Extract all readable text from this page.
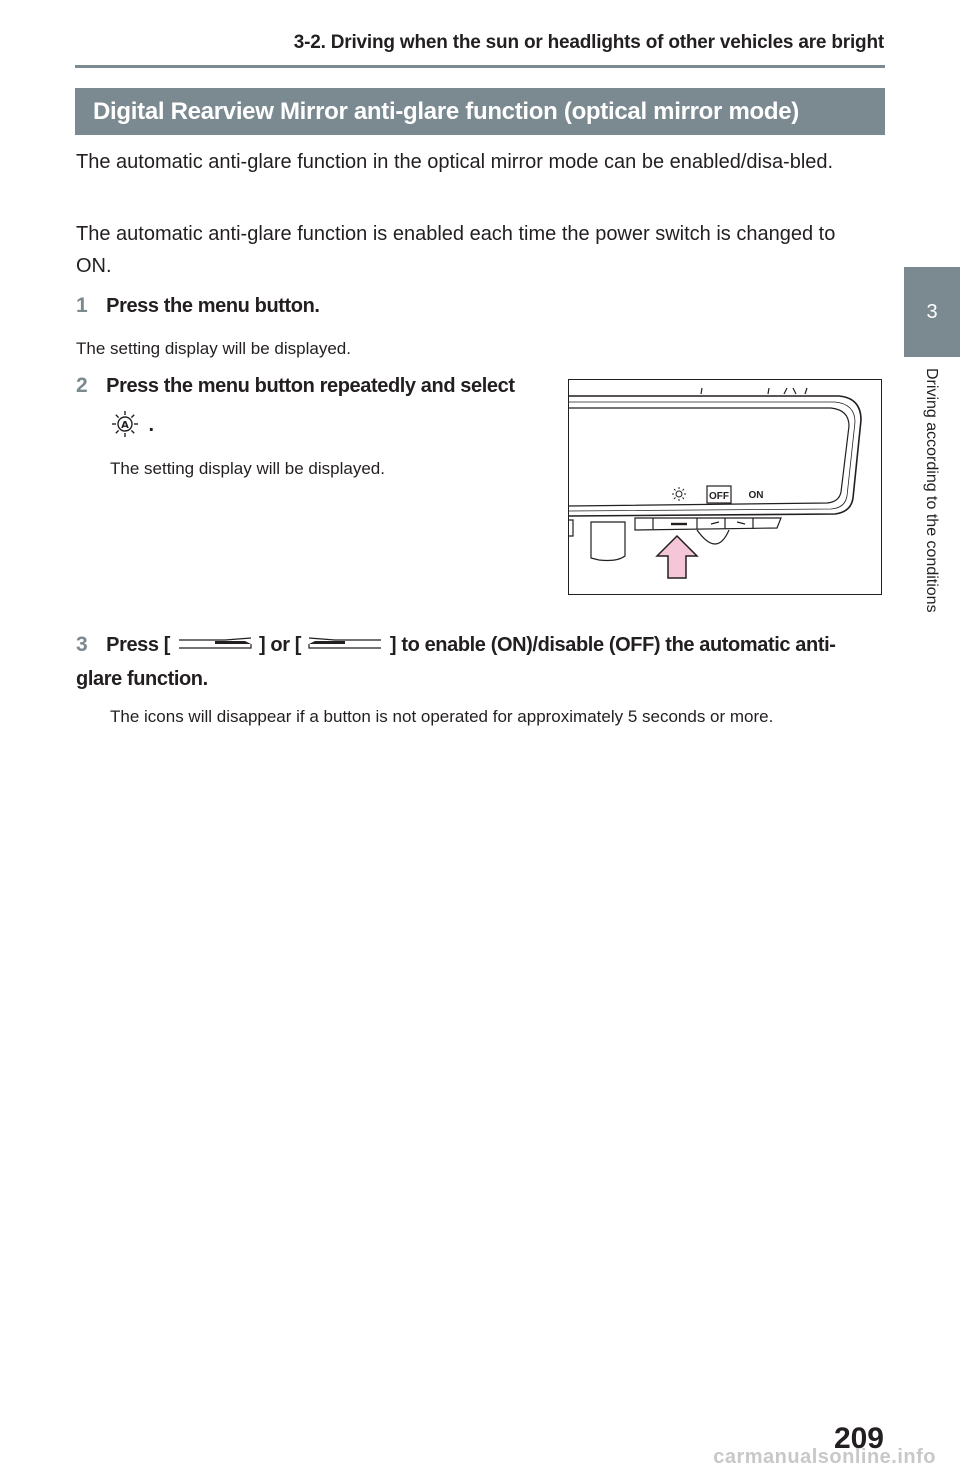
3-2. Driving when the sun or headlights of other vehicles are bright
Digital Rearview Mirror anti-glare function (optical mirror mode)
3
Driving according to the conditions
The automatic anti-glare function in the optical mirror mode can be enabled/disa-bled.
The automatic anti-glare function is enabled each time the power switch is changed to ON.
1 Press the menu button.
The setting display will be displayed.
2 Press the menu button repeatedly and select
A .
The setting display will be displayed.
OFF ON
3 Press [	] or [	] to enable (ON)/disable (OFF) the automatic anti-glare function.
The icons will disappear if a button is not operated for approximately 5 seconds or more.
209
carmanualsonline.info
